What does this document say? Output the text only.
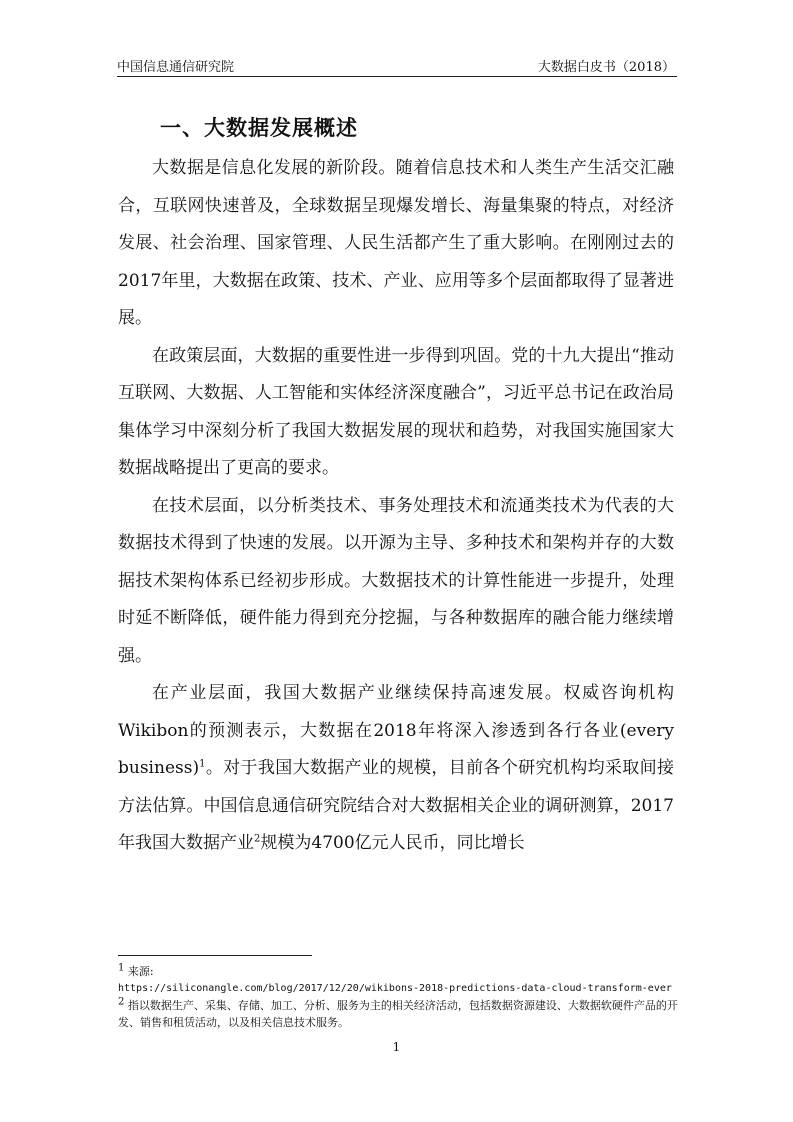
中国信息通信研究院	大数据白皮书（2018）
一、大数据发展概述

大数据是信息化发展的新阶段。随着信息技术和人类生产生活交汇融合，互联网快速普及，全球数据呈现爆发增长、海量集聚的特点，对经济发展、社会治理、国家管理、人民生活都产生了重大影响。在刚刚过去的2017年里，大数据在政策、技术、产业、应用等多个层面都取得了显著进展。

在政策层面，大数据的重要性进一步得到巩固。党的十九大提出“推动互联网、大数据、人工智能和实体经济深度融合”，习近平总书记在政治局集体学习中深刻分析了我国大数据发展的现状和趋势，对我国实施国家大数据战略提出了更高的要求。

在技术层面，以分析类技术、事务处理技术和流通类技术为代表的大数据技术得到了快速的发展。以开源为主导、多种技术和架构并存的大数据技术架构体系已经初步形成。大数据技术的计算性能进一步提升，处理时延不断降低，硬件能力得到充分挖掘，与各种数据库的融合能力继续增强。

在产业层面，我国大数据产业继续保持高速发展。权威咨询机构Wikibon的预测表示，大数据在2018年将深入渗透到各行各业(every business)$^1$。对于我国大数据产业的规模，目前各个研究机构均采取间接方法估算。中国信息通信研究院结合对大数据相关企业的调研测算，2017年我国大数据产业$^2$规模为4700亿元人民币，同比增长

$^1$ 来源:

https://siliconangle.com/blog/2017/12/20/wikibons-2018-predictions-data-cloud-transform-ever

$^2$ 指以数据生产、采集、存储、加工、分析、服务为主的相关经济活动，包括数据资源建设、大数据软硬件产品的开发、销售和租赁活动，以及相关信息技术服务。

1
